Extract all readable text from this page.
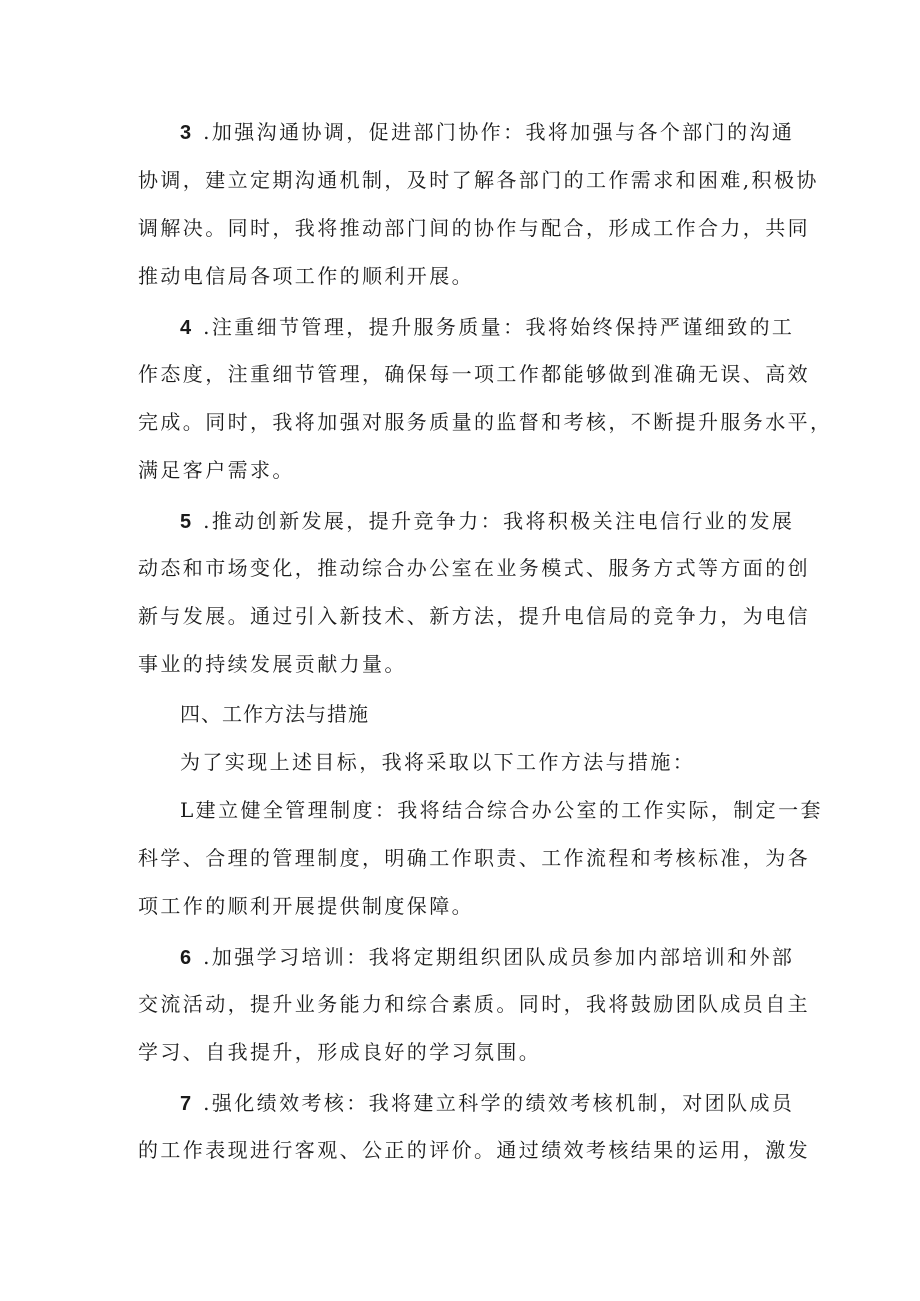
3 .加强沟通协调，促进部门协作：我将加强与各个部门的沟通
协调，建立定期沟通机制，及时了解各部门的工作需求和困难,积极协
调解决。同时，我将推动部门间的协作与配合，形成工作合力，共同
推动电信局各项工作的顺利开展。
4 .注重细节管理，提升服务质量：我将始终保持严谨细致的工
作态度，注重细节管理，确保每一项工作都能够做到准确无误、高效
完成。同时，我将加强对服务质量的监督和考核，不断提升服务水平，
满足客户需求。
5 .推动创新发展，提升竞争力：我将积极关注电信行业的发展
动态和市场变化，推动综合办公室在业务模式、服务方式等方面的创
新与发展。通过引入新技术、新方法，提升电信局的竞争力，为电信
事业的持续发展贡献力量。
四、工作方法与措施
为了实现上述目标，我将采取以下工作方法与措施：
L建立健全管理制度：我将结合综合办公室的工作实际，制定一套
科学、合理的管理制度，明确工作职责、工作流程和考核标准，为各
项工作的顺利开展提供制度保障。
6 .加强学习培训：我将定期组织团队成员参加内部培训和外部
交流活动，提升业务能力和综合素质。同时，我将鼓励团队成员自主
学习、自我提升，形成良好的学习氛围。
7 .强化绩效考核：我将建立科学的绩效考核机制，对团队成员
的工作表现进行客观、公正的评价。通过绩效考核结果的运用，激发
